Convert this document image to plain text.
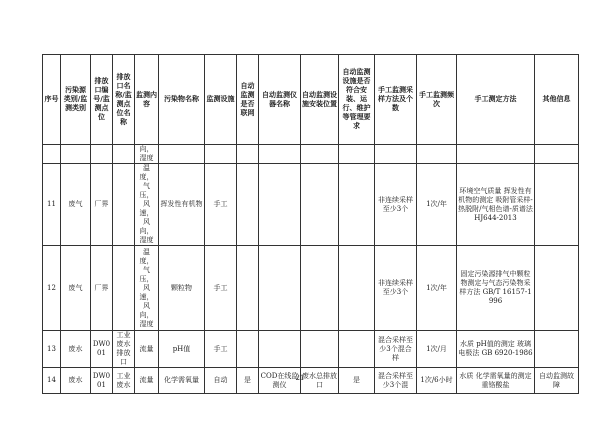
序号	污染源类别/监测类别	排放口编号/监测点位	排放口名称/监测点位名称	监测内容	污染物名称	监测设施	自动监测是否联网	自动监测仪器名称	自动监测设施安装位置	自动监测设施是否符合安装、运行、维护等管理要求	手工监测采样方法及个数	手工监测频次	手工测定方法	其他信息
				向，湿度										
11	废气	厂界		温度，气压，风速，风向，湿度	挥发性有机物	手工					非连续采样至少3个	1次/年	环境空气质量 挥发性有机物的测定 吸附管采样-热脱附/气相色谱-质谱法 HJ644-2013	
12	废气	厂界		温度，气压，风速，风向，湿度	颗粒物	手工					非连续采样至少3个	1次/年	固定污染源排气中颗粒物测定与气态污染物采样方法 GB/T 16157-1996	
13	废水	DW001	工业废水排放口	流量	pH值	手工					混合采样至少3个混合样	1次/月	水质 pH值的测定 玻璃电极法 GB 6920-1986	
14	废水	DW001	工业废水	流量	化学需氧量	自动	是	COD在线监测仪	废水总排放口	是	混合采样至少3个混	1次/6小时	水质 化学需氧量的测定 重铬酸盐	自动监测故障
21
